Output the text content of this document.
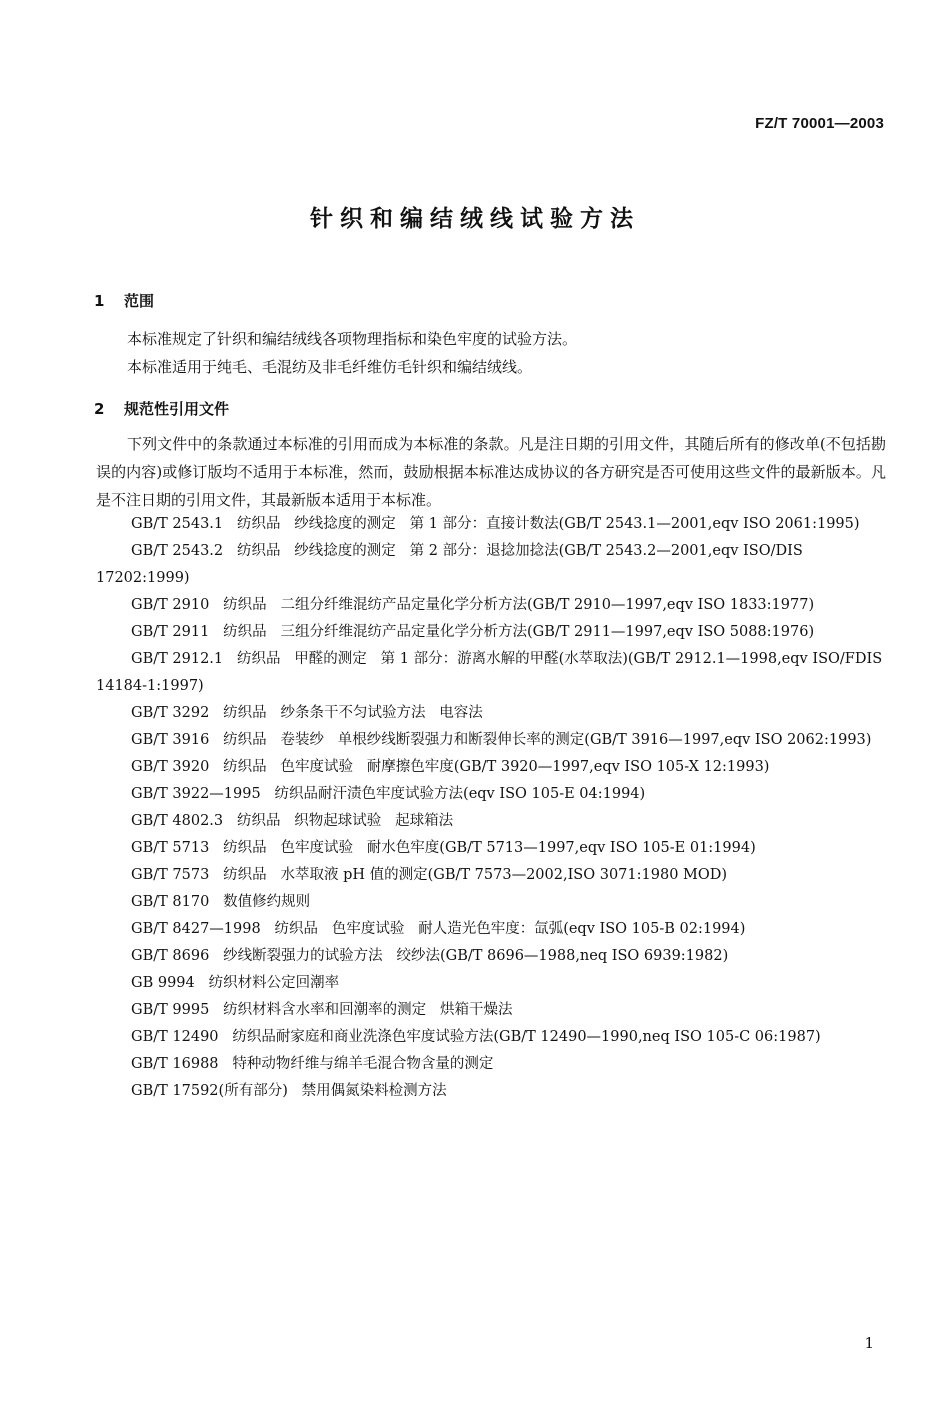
FZ/T 70001—2003
针织和编结绒线试验方法
1 范围
本标准规定了针织和编结绒线各项物理指标和染色牢度的试验方法。
本标准适用于纯毛、毛混纺及非毛纤维仿毛针织和编结绒线。
2 规范性引用文件
下列文件中的条款通过本标准的引用而成为本标准的条款。凡是注日期的引用文件，其随后所有的修改单(不包括勘误的内容)或修订版均不适用于本标准，然而，鼓励根据本标准达成协议的各方研究是否可使用这些文件的最新版本。凡是不注日期的引用文件，其最新版本适用于本标准。
GB/T 2543.1   纺织品   纱线捻度的测定   第 1 部分：直接计数法(GB/T 2543.1—2001,eqv ISO 2061:1995)
GB/T 2543.2   纺织品   纱线捻度的测定   第 2 部分：退捻加捻法(GB/T 2543.2—2001,eqv ISO/DIS 17202:1999)
GB/T 2910   纺织品   二组分纤维混纺产品定量化学分析方法(GB/T 2910—1997,eqv ISO 1833:1977)
GB/T 2911   纺织品   三组分纤维混纺产品定量化学分析方法(GB/T 2911—1997,eqv ISO 5088:1976)
GB/T 2912.1   纺织品   甲醛的测定   第 1 部分：游离水解的甲醛(水萃取法)(GB/T 2912.1—1998,eqv ISO/FDIS 14184-1:1997)
GB/T 3292   纺织品   纱条条干不匀试验方法   电容法
GB/T 3916   纺织品   卷装纱   单根纱线断裂强力和断裂伸长率的测定(GB/T 3916—1997,eqv ISO 2062:1993)
GB/T 3920   纺织品   色牢度试验   耐摩擦色牢度(GB/T 3920—1997,eqv ISO 105-X 12:1993)
GB/T 3922—1995   纺织品耐汗渍色牢度试验方法(eqv ISO 105-E 04:1994)
GB/T 4802.3   纺织品   织物起球试验   起球箱法
GB/T 5713   纺织品   色牢度试验   耐水色牢度(GB/T 5713—1997,eqv ISO 105-E 01:1994)
GB/T 7573   纺织品   水萃取液 pH 值的测定(GB/T 7573—2002,ISO 3071:1980 MOD)
GB/T 8170   数值修约规则
GB/T 8427—1998   纺织品   色牢度试验   耐人造光色牢度：氙弧(eqv ISO 105-B 02:1994)
GB/T 8696   纱线断裂强力的试验方法   绞纱法(GB/T 8696—1988,neq ISO 6939:1982)
GB 9994   纺织材料公定回潮率
GB/T 9995   纺织材料含水率和回潮率的测定   烘箱干燥法
GB/T 12490   纺织品耐家庭和商业洗涤色牢度试验方法(GB/T 12490—1990,neq ISO 105-C 06:1987)
GB/T 16988   特种动物纤维与绵羊毛混合物含量的测定
GB/T 17592(所有部分)   禁用偶氮染料检测方法
1
